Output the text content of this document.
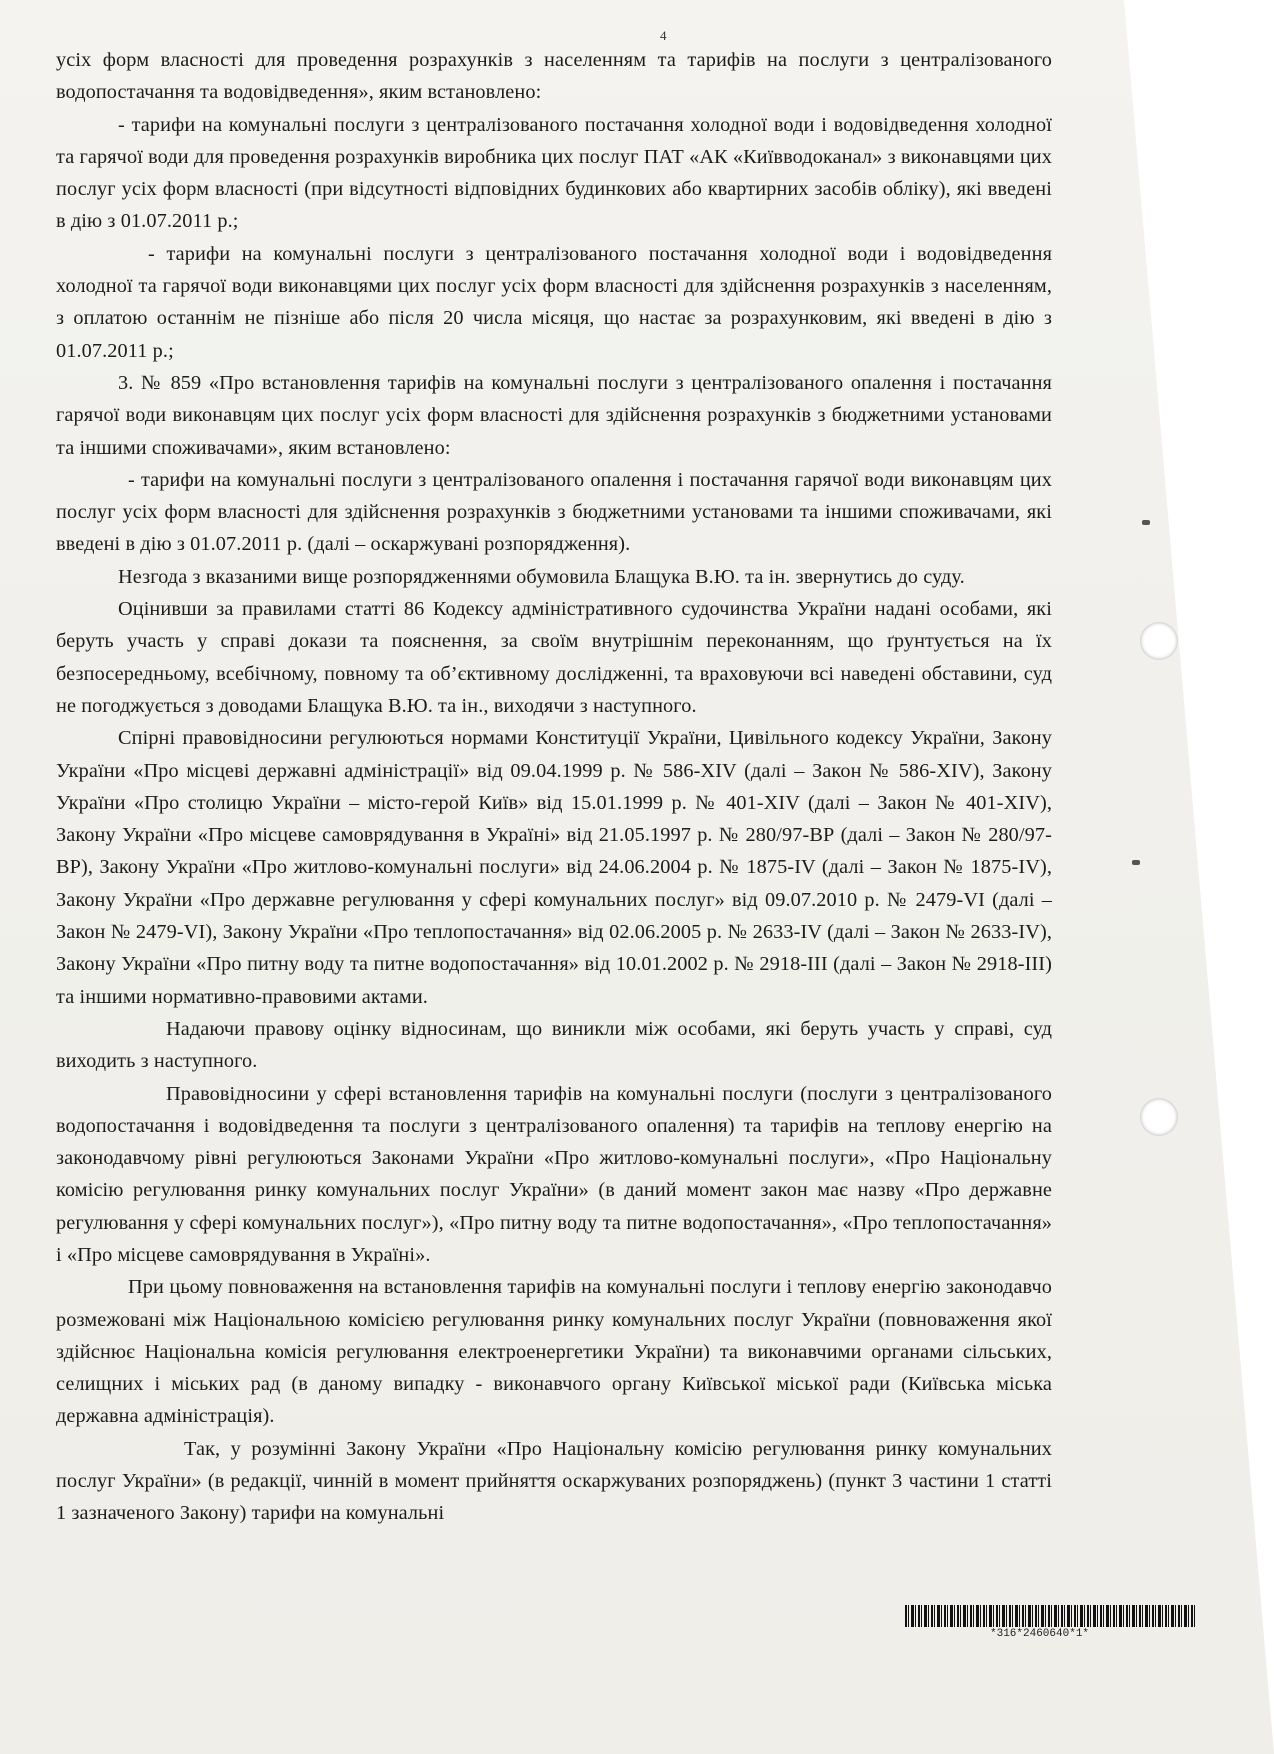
4

усіх форм власності для проведення розрахунків з населенням та тарифів на послуги з централізованого водопостачання та водовідведення», яким встановлено:

- тарифи на комунальні послуги з централізованого постачання холодної води і водовідведення холодної та гарячої води для проведення розрахунків виробника цих послуг ПАТ «АК «Київводоканал» з виконавцями цих послуг усіх форм власності (при відсутності відповідних будинкових або квартирних засобів обліку), які введені в дію з 01.07.2011 р.;

- тарифи на комунальні послуги з централізованого постачання холодної води і водовідведення холодної та гарячої води виконавцями цих послуг усіх форм власності для здійснення розрахунків з населенням, з оплатою останнім не пізніше або після 20 числа місяця, що настає за розрахунковим, які введені в дію з 01.07.2011 р.;

3. № 859 «Про встановлення тарифів на комунальні послуги з централізованого опалення і постачання гарячої води виконавцям цих послуг усіх форм власності для здійснення розрахунків з бюджетними установами та іншими споживачами», яким встановлено:

- тарифи на комунальні послуги з централізованого опалення і постачання гарячої води виконавцям цих послуг усіх форм власності для здійснення розрахунків з бюджетними установами та іншими споживачами, які введені в дію з 01.07.2011 р. (далі – оскаржувані розпорядження).

Незгода з вказаними вище розпорядженнями обумовила Блащука В.Ю. та ін. звернутись до суду.

Оцінивши за правилами статті 86 Кодексу адміністративного судочинства України надані особами, які беруть участь у справі докази та пояснення, за своїм внутрішнім переконанням, що ґрунтується на їх безпосередньому, всебічному, повному та об’єктивному дослідженні, та враховуючи всі наведені обставини, суд не погоджується з доводами Блащука В.Ю. та ін., виходячи з наступного.

Спірні правовідносини регулюються нормами Конституції України, Цивільного кодексу України, Закону України «Про місцеві державні адміністрації» від 09.04.1999 р. № 586-XIV (далі – Закон № 586-XIV), Закону України «Про столицю України – місто-герой Київ» від 15.01.1999 р. № 401-XIV (далі – Закон № 401-XIV), Закону України «Про місцеве самоврядування в Україні» від 21.05.1997 р. № 280/97-ВР (далі – Закон № 280/97-ВР), Закону України «Про житлово-комунальні послуги» від 24.06.2004 р. № 1875-IV (далі – Закон № 1875-IV), Закону України «Про державне регулювання у сфері комунальних послуг» від 09.07.2010 р. № 2479-VI (далі – Закон № 2479-VI), Закону України «Про теплопостачання» від 02.06.2005 р. № 2633-IV (далі – Закон № 2633-IV), Закону України «Про питну воду та питне водопостачання» від 10.01.2002 р. № 2918-III (далі – Закон № 2918-III) та іншими нормативно-правовими актами.

Надаючи правову оцінку відносинам, що виникли між особами, які беруть участь у справі, суд виходить з наступного.

Правовідносини у сфері встановлення тарифів на комунальні послуги (послуги з централізованого водопостачання і водовідведення та послуги з централізованого опалення) та тарифів на теплову енергію на законодавчому рівні регулюються Законами України «Про житлово-комунальні послуги», «Про Національну комісію регулювання ринку комунальних послуг України» (в даний момент закон має назву «Про державне регулювання у сфері комунальних послуг»), «Про питну воду та питне водопостачання», «Про теплопостачання» і «Про місцеве самоврядування в Україні».

При цьому повноваження на встановлення тарифів на комунальні послуги і теплову енергію законодавчо розмежовані між Національною комісією регулювання ринку комунальних послуг України (повноваження якої здійснює Національна комісія регулювання електроенергетики України) та виконавчими органами сільських, селищних і міських рад (в даному випадку - виконавчого органу Київської міської ради (Київська міська державна адміністрація).

Так, у розумінні Закону України «Про Національну комісію регулювання ринку комунальних послуг України» (в редакції, чинній в момент прийняття оскаржуваних розпоряджень) (пункт 3 частини 1 статті 1 зазначеного Закону) тарифи на комунальні

*316*2460640*1*
